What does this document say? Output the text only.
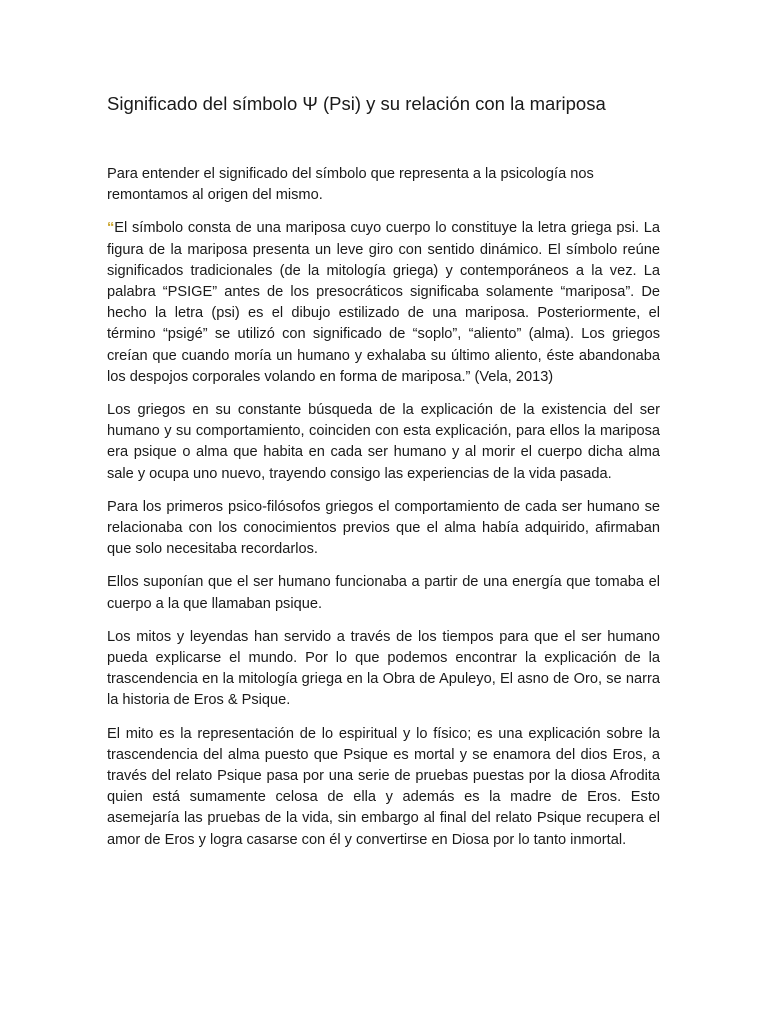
Significado del símbolo Ψ (Psi) y su relación con la mariposa

Para entender el significado del símbolo que representa a la psicología nos remontamos al origen del mismo.

“El símbolo consta de una mariposa cuyo cuerpo lo constituye la letra griega psi. La figura de la mariposa presenta un leve giro con sentido dinámico. El símbolo reúne significados tradicionales (de la mitología griega) y contemporáneos a la vez. La palabra “PSIGE” antes de los presocráticos significaba solamente “mariposa”. De hecho la letra (psi) es el dibujo estilizado de una mariposa. Posteriormente, el término “psigé” se utilizó con significado de “soplo”, “aliento” (alma). Los griegos creían que cuando moría un humano y exhalaba su último aliento, éste abandonaba los despojos corporales volando en forma de mariposa.” (Vela, 2013)

Los griegos en su constante búsqueda de la explicación de la existencia del ser humano y su comportamiento, coinciden con esta explicación, para ellos la mariposa era psique o alma que habita en cada ser humano y al morir el cuerpo dicha alma sale y ocupa uno nuevo, trayendo consigo las experiencias de la vida pasada.

Para los primeros psico-filósofos griegos el comportamiento de cada ser humano se relacionaba con los conocimientos previos que el alma había adquirido, afirmaban que solo necesitaba recordarlos.

Ellos suponían que el ser humano funcionaba a partir de una energía que tomaba el cuerpo a la que llamaban psique.

Los mitos y leyendas han servido a través de los tiempos para que el ser humano pueda explicarse el mundo. Por lo que podemos encontrar la explicación de la trascendencia en la mitología griega en la Obra de Apuleyo, El asno de Oro, se narra la historia de Eros & Psique.

El mito es la representación de lo espiritual y lo físico; es una explicación sobre la trascendencia del alma puesto que Psique es mortal y se enamora del dios Eros, a través del relato Psique pasa por una serie de pruebas puestas por la diosa Afrodita quien está sumamente celosa de ella y además es la madre de Eros. Esto asemejaría las pruebas de la vida, sin embargo al final del relato Psique recupera el amor de Eros y logra casarse con él y convertirse en Diosa por lo tanto inmortal.
